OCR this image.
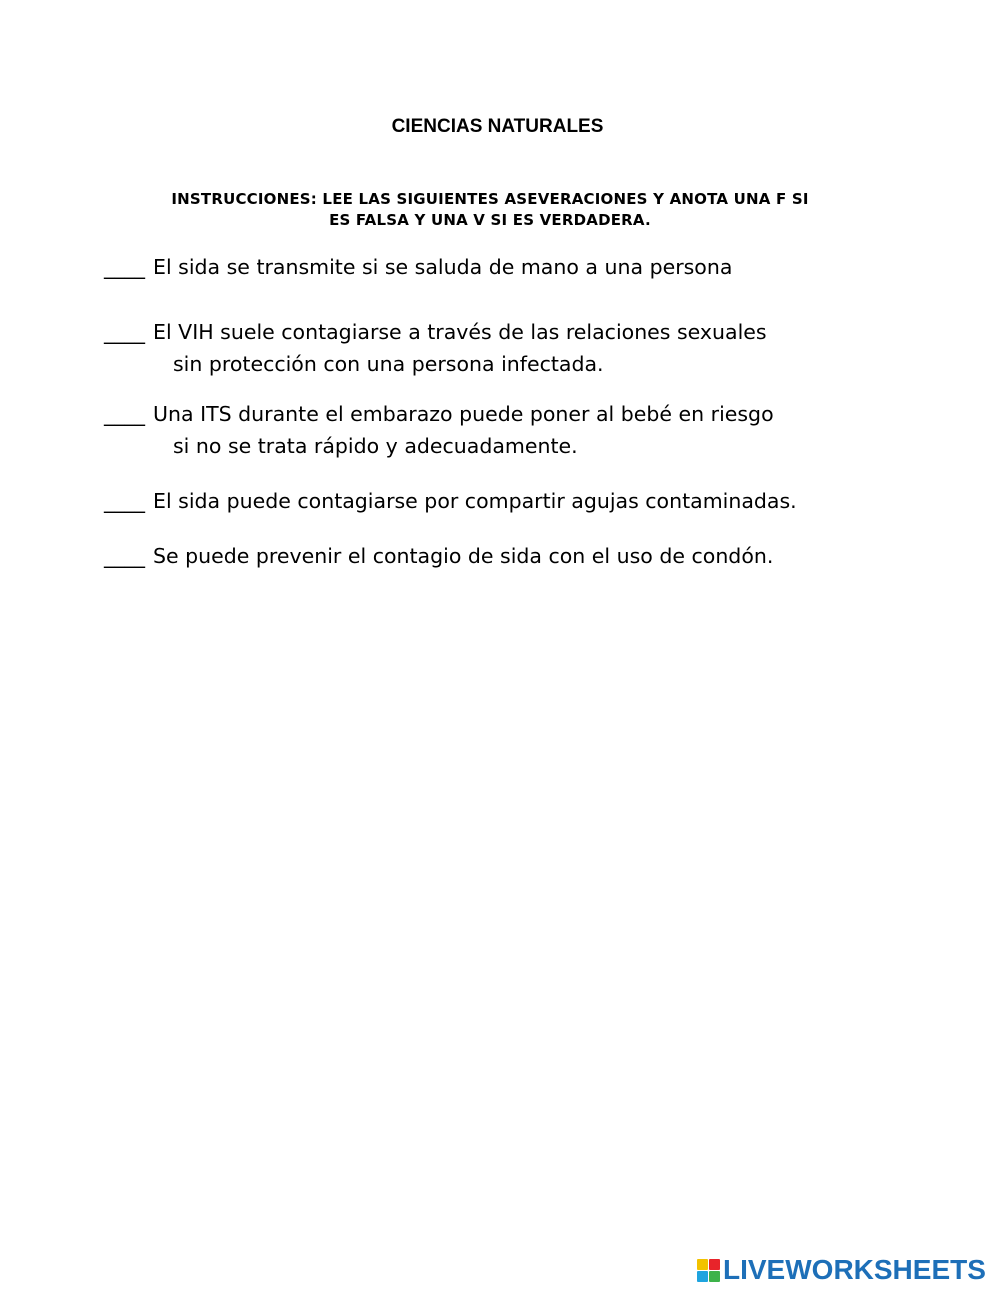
CIENCIAS NATURALES
INSTRUCCIONES: LEE LAS SIGUIENTES ASEVERACIONES Y ANOTA UNA F SI
ES FALSA Y UNA V SI ES VERDADERA.
____ El sida se transmite si se saluda de mano a una persona
____ El VIH suele contagiarse a través de las relaciones sexuales
sin protección con una persona infectada.
____ Una ITS durante el embarazo puede poner al bebé en riesgo
si no se trata rápido y adecuadamente.
____ El sida puede contagiarse por compartir agujas contaminadas.
____ Se puede prevenir el contagio de sida con el uso de condón.
LIVEWORKSHEETS
